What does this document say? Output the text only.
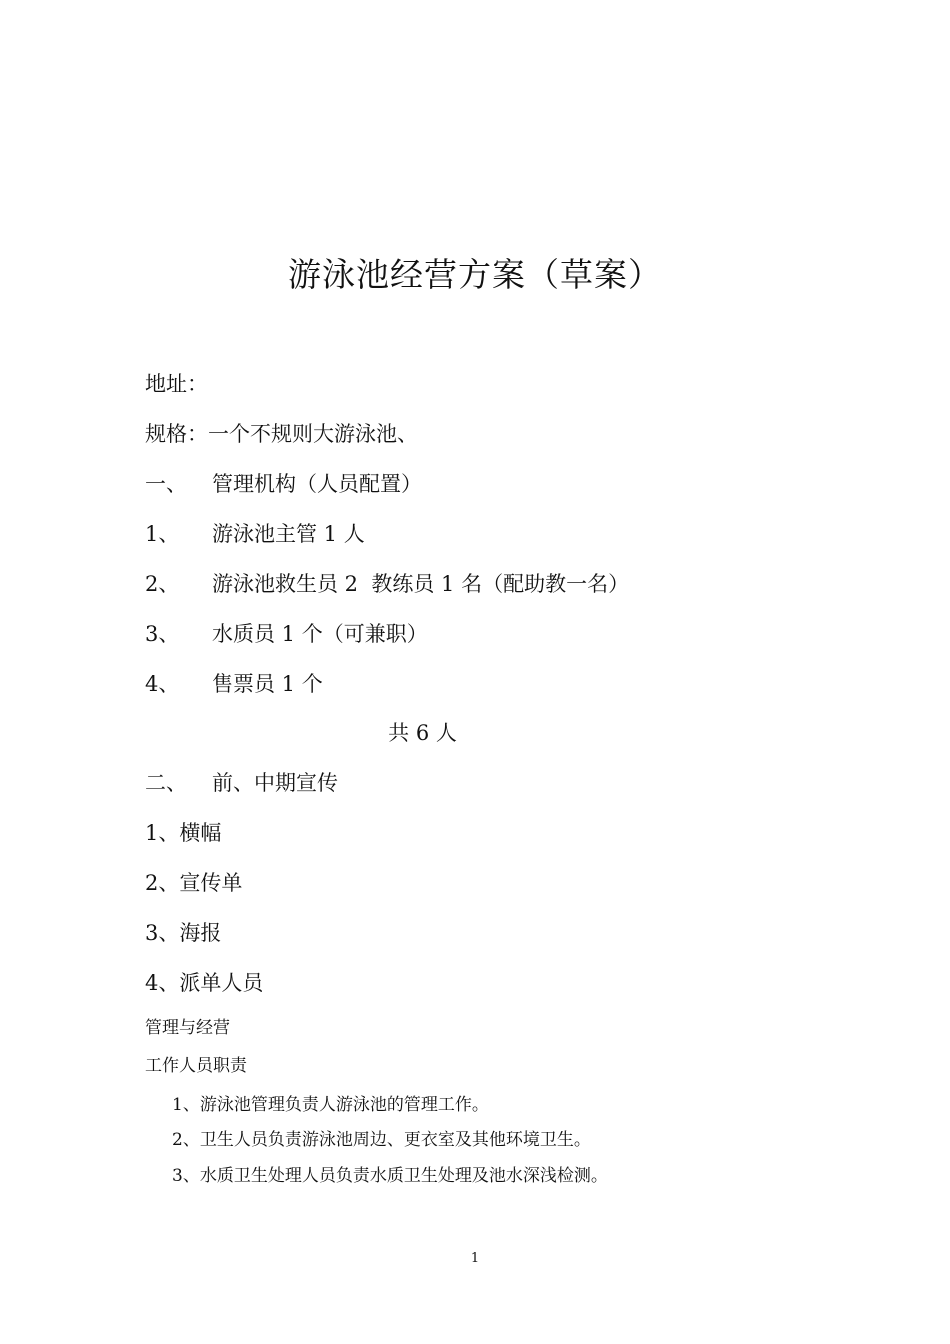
游泳池经营方案（草案）
地址：
规格：一个不规则大游泳池、
一、 管理机构（人员配置）
1、 游泳池主管 1 人
2、 游泳池救生员 2  教练员 1 名（配助教一名）
3、 水质员 1 个（可兼职）
4、 售票员 1 个
共 6 人
二、 前、中期宣传
1、横幅
2、宣传单
3、海报
4、派单人员
管理与经营
工作人员职责
1、游泳池管理负责人游泳池的管理工作。
2、卫生人员负责游泳池周边、更衣室及其他环境卫生。
3、水质卫生处理人员负责水质卫生处理及池水深浅检测。
1
